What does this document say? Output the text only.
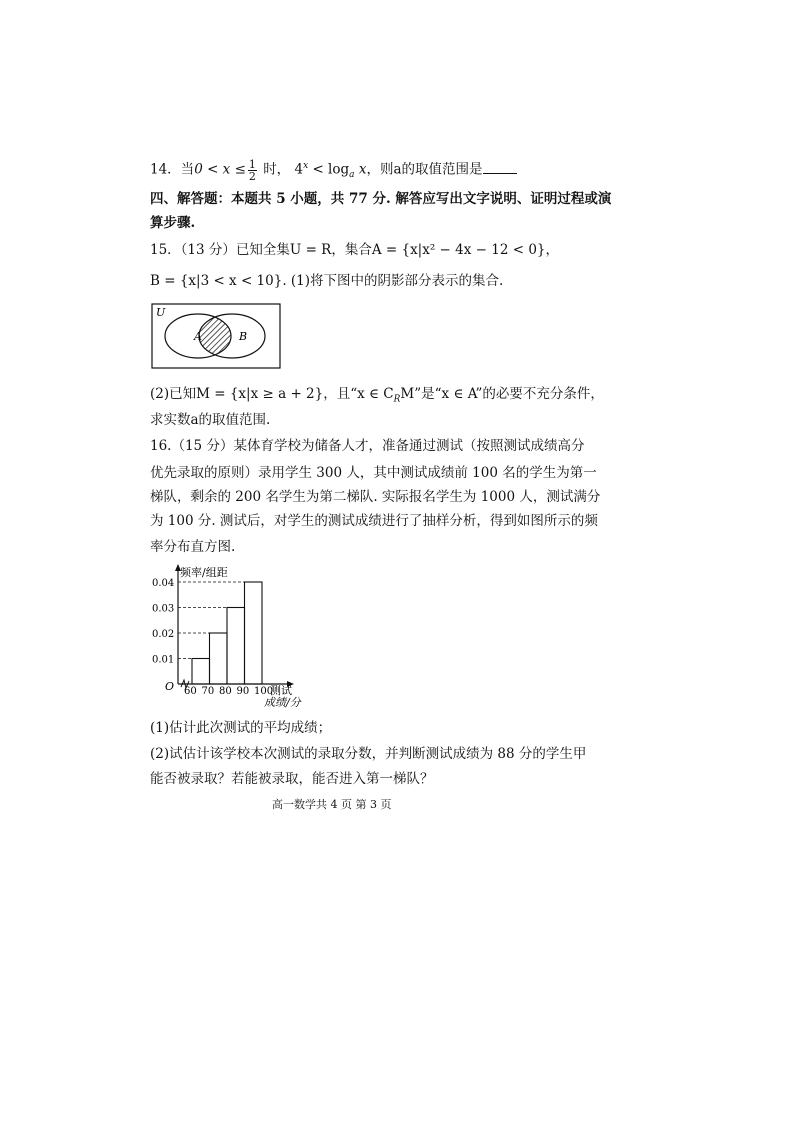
14．当$0 < x \le \frac{1}{2}$ 时， $4^x < \log_a x$，则a的取值范围是
四、解答题：本题共 5 小题，共 77 分. 解答应写出文字说明、证明过程或演
算步骤.
15．（13 分）已知全集U = R，集合A = {x|x² − 4x − 12 < 0}，
B = {x|3 < x < 10}. (1)将下图中的阴影部分表示的集合.
U
A	B
(2)已知M = {x|x ≥ a + 2}，且“x ∈ $C_RM$”是“x ∈ A”的必要不充分条件，
求实数a的取值范围.
16.（15 分）某体育学校为储备人才，准备通过测试（按照测试成绩高分
优先录取的原则）录用学生 300 人，其中测试成绩前 100 名的学生为第一
梯队，剩余的 200 名学生为第二梯队. 实际报名学生为 1000 人，测试满分
为 100 分. 测试后，对学生的测试成绩进行了抽样分析，得到如图所示的频
率分布直方图.
频率/组距
O	测试
成绩/分
0.01
0.02
0.03
0.04
60 70 80 90 100
(1)估计此次测试的平均成绩；
(2)试估计该学校本次测试的录取分数，并判断测试成绩为 88 分的学生甲
能否被录取？若能被录取，能否进入第一梯队？
高一数学共 4 页 第 3 页
